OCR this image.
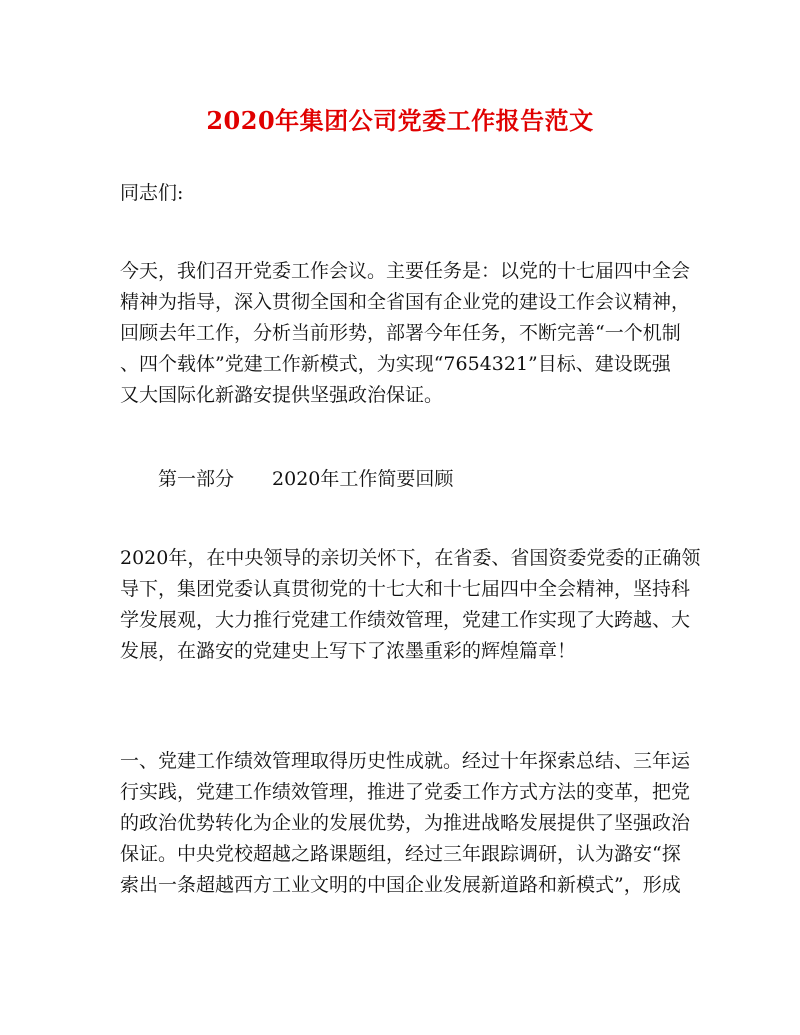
2020年集团公司党委工作报告范文
同志们:
今天，我们召开党委工作会议。主要任务是：以党的十七届四中全会
精神为指导，深入贯彻全国和全省国有企业党的建设工作会议精神，
回顾去年工作，分析当前形势，部署今年任务，不断完善“一个机制
、四个载体”党建工作新模式，为实现“7654321”目标、建设既强
又大国际化新潞安提供坚强政治保证。
第一部分 2020年工作简要回顾
2020年，在中央领导的亲切关怀下，在省委、省国资委党委的正确领
导下，集团党委认真贯彻党的十七大和十七届四中全会精神，坚持科
学发展观，大力推行党建工作绩效管理，党建工作实现了大跨越、大
发展，在潞安的党建史上写下了浓墨重彩的辉煌篇章！
一、党建工作绩效管理取得历史性成就。经过十年探索总结、三年运
行实践，党建工作绩效管理，推进了党委工作方式方法的变革，把党
的政治优势转化为企业的发展优势，为推进战略发展提供了坚强政治
保证。中央党校超越之路课题组，经过三年跟踪调研，认为潞安“探
索出一条超越西方工业文明的中国企业发展新道路和新模式”，形成
